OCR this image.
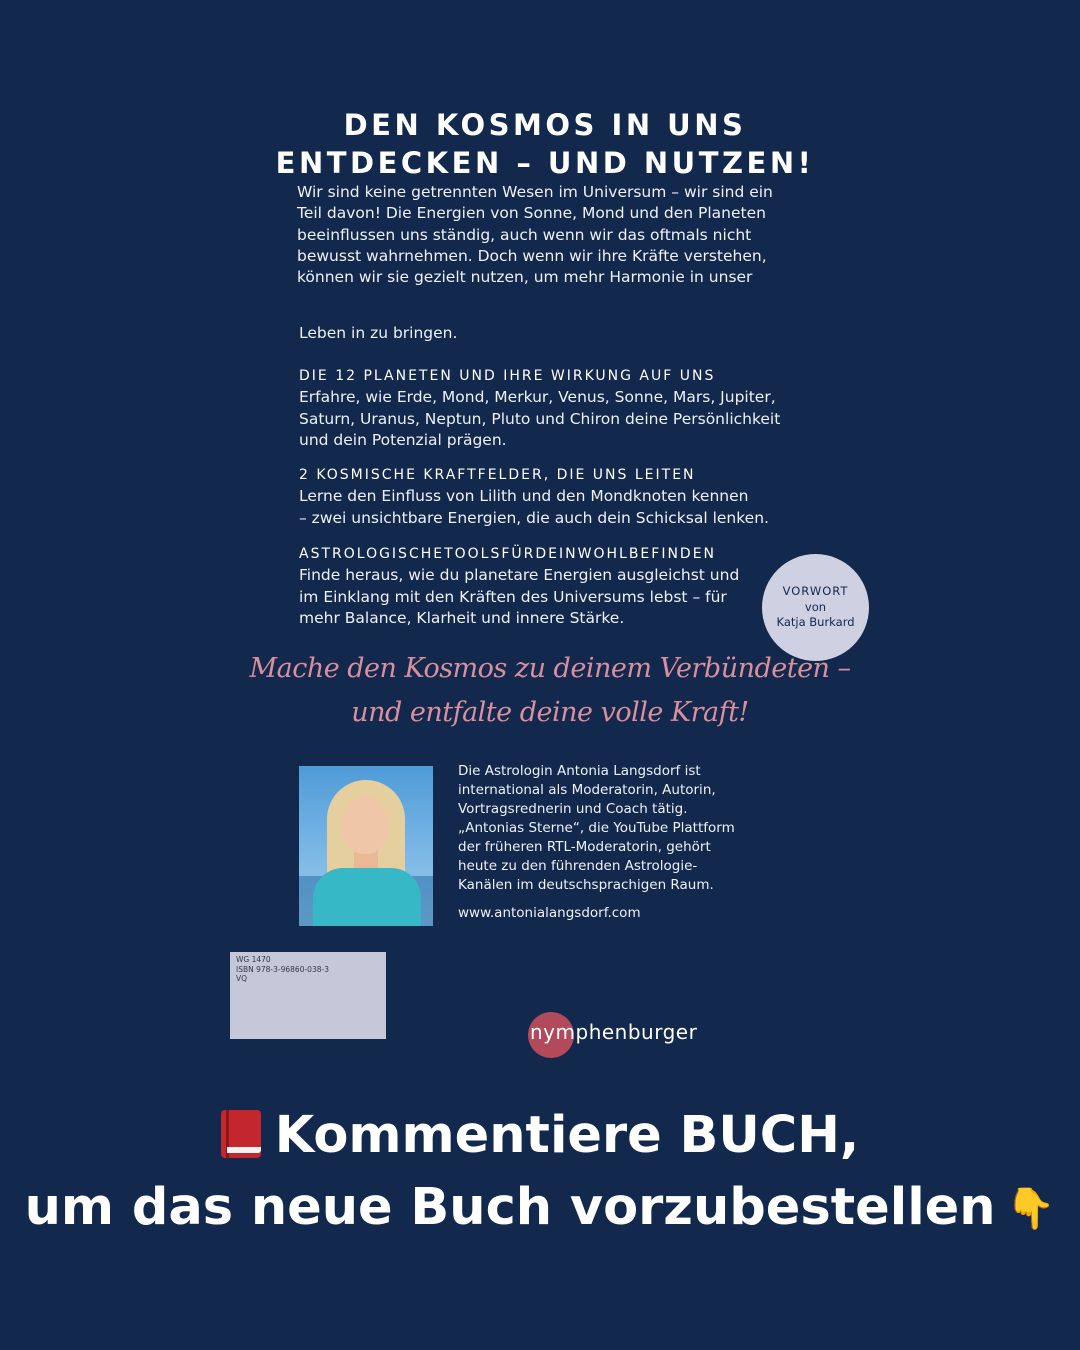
DEN KOSMOS IN UNS
ENTDECKEN – UND NUTZEN!
Wir sind keine getrennten Wesen im Universum – wir sind ein
Teil davon! Die Energien von Sonne, Mond und den Planeten
beeinflussen uns ständig, auch wenn wir das oftmals nicht
bewusst wahrnehmen. Doch wenn wir ihre Kräfte verstehen,
können wir sie gezielt nutzen, um mehr Harmonie in unser
Leben in zu bringen.
DIE 12 PLANETEN UND IHRE WIRKUNG AUF UNS
Erfahre, wie Erde, Mond, Merkur, Venus, Sonne, Mars, Jupiter,
Saturn, Uranus, Neptun, Pluto und Chiron deine Persönlichkeit
und dein Potenzial prägen.
2 KOSMISCHE KRAFTFELDER, DIE UNS LEITEN
Lerne den Einfluss von Lilith und den Mondknoten kennen
– zwei unsichtbare Energien, die auch dein Schicksal lenken.
ASTROLOGISCHETOOLSFÜRDEINWOHLBEFINDEN
Finde heraus, wie du planetare Energien ausgleichst und
im Einklang mit den Kräften des Universums lebst – für
mehr Balance, Klarheit und innere Stärke.
VORWORT
von
Katja Burkard
Mache den Kosmos zu deinem Verbündeten –
und entfalte deine volle Kraft!
Die Astrologin Antonia Langsdorf ist
international als Moderatorin, Autorin,
Vortragsrednerin und Coach tätig.
„Antonias Sterne“, die YouTube Plattform
der früheren RTL-Moderatorin, gehört
heute zu den führenden Astrologie-
Kanälen im deutschsprachigen Raum.
www.antonialangsdorf.com
WG 1470
ISBN 978-3-96860-038-3
VQ
nymphenburger
Kommentiere BUCH,
um das neue Buch vorzubestellen 👇
